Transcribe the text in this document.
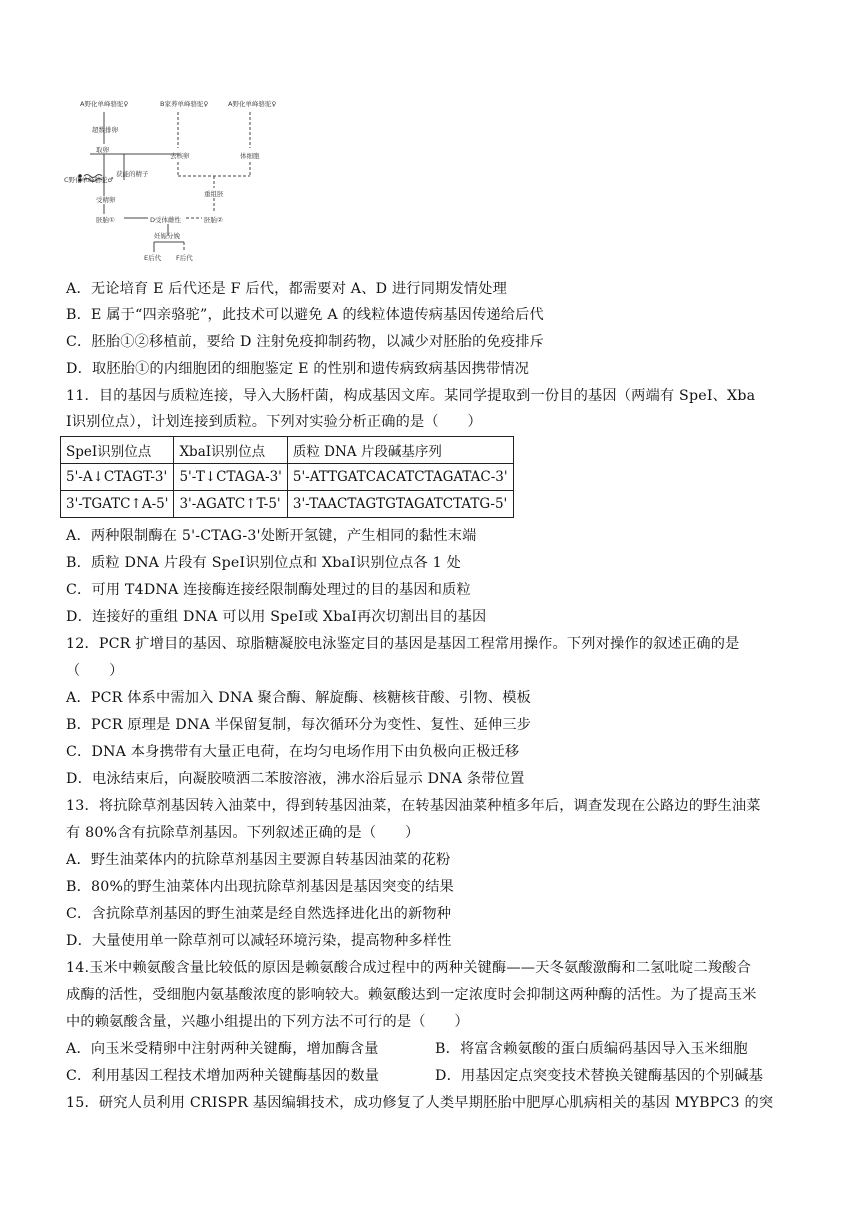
A野化单峰骆驼♀	B家养单峰骆驼♀	A野化单峰骆驼♀
超数排卵
取卵
去核卵	体细胞
获能的精子
C野化单峰骆驼♂
受精卵
重组胚
胚胎①	D受体雌性	胚胎②
妊娠分娩
E后代 F后代
A．无论培育 E 后代还是 F 后代，都需要对 A、D 进行同期发情处理
B．E 属于“四亲骆驼”，此技术可以避免 A 的线粒体遗传病基因传递给后代
C．胚胎①②移植前，要给 D 注射免疫抑制药物，以减少对胚胎的免疫排斥
D．取胚胎①的内细胞团的细胞鉴定 E 的性别和遗传病致病基因携带情况
11．目的基因与质粒连接，导入大肠杆菌，构成基因文库。某同学提取到一份目的基因（两端有 SpeⅠ、Xba
Ⅰ识别位点），计划连接到质粒。下列对实验分析正确的是（　　）
SpeⅠ识别位点	XbaⅠ识别位点	质粒 DNA 片段碱基序列
5'-A↓CTAGT-3'	5'-T↓CTAGA-3'	5'-ATTGATCACATCTAGATAC-3'
3'-TGATC↑A-5'	3'-AGATC↑T-5'	3'-TAACTAGTGTAGATCTATG-5'
A．两种限制酶在 5'-CTAG-3'处断开氢键，产生相同的黏性末端
B．质粒 DNA 片段有 SpeⅠ识别位点和 XbaⅠ识别位点各 1 处
C．可用 T4DNA 连接酶连接经限制酶处理过的目的基因和质粒
D．连接好的重组 DNA 可以用 SpeⅠ或 XbaⅠ再次切割出目的基因
12．PCR 扩增目的基因、琼脂糖凝胶电泳鉴定目的基因是基因工程常用操作。下列对操作的叙述正确的是
（　　）
A．PCR 体系中需加入 DNA 聚合酶、解旋酶、核糖核苷酸、引物、模板
B．PCR 原理是 DNA 半保留复制，每次循环分为变性、复性、延伸三步
C．DNA 本身携带有大量正电荷，在均匀电场作用下由负极向正极迁移
D．电泳结束后，向凝胶喷洒二苯胺溶液，沸水浴后显示 DNA 条带位置
13．将抗除草剂基因转入油菜中，得到转基因油菜，在转基因油菜种植多年后，调查发现在公路边的野生油菜
有 80%含有抗除草剂基因。下列叙述正确的是（　　）
A．野生油菜体内的抗除草剂基因主要源自转基因油菜的花粉
B．80%的野生油菜体内出现抗除草剂基因是基因突变的结果
C．含抗除草剂基因的野生油菜是经自然选择进化出的新物种
D．大量使用单一除草剂可以减轻环境污染，提高物种多样性
14.玉米中赖氨酸含量比较低的原因是赖氨酸合成过程中的两种关键酶——天冬氨酸激酶和二氢吡啶二羧酸合
成酶的活性，受细胞内氨基酸浓度的影响较大。赖氨酸达到一定浓度时会抑制这两种酶的活性。为了提高玉米
中的赖氨酸含量，兴趣小组提出的下列方法不可行的是（　　）
A．向玉米受精卵中注射两种关键酶，增加酶含量	B．将富含赖氨酸的蛋白质编码基因导入玉米细胞
C．利用基因工程技术增加两种关键酶基因的数量	D．用基因定点突变技术替换关键酶基因的个别碱基
15．研究人员利用 CRISPR 基因编辑技术，成功修复了人类早期胚胎中肥厚心肌病相关的基因 MYBPC3 的突
